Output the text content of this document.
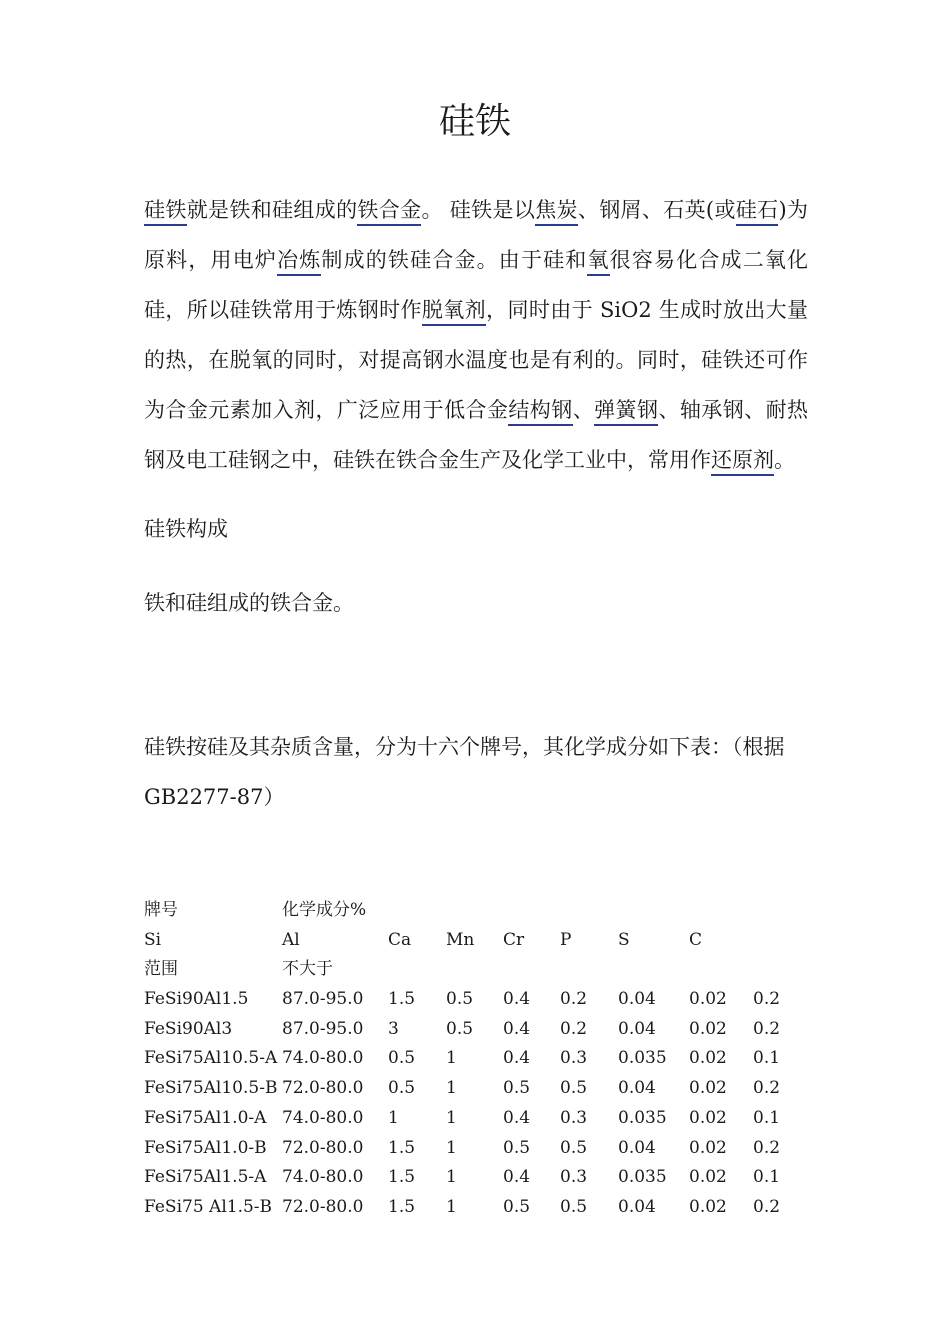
硅铁

硅铁就是铁和硅组成的铁合金。 硅铁是以焦炭、钢屑、石英(或硅石)为原料，用电炉冶炼制成的铁硅合金。由于硅和氧很容易化合成二氧化硅，所以硅铁常用于炼钢时作脱氧剂，同时由于 SiO2 生成时放出大量的热，在脱氧的同时，对提高钢水温度也是有利的。同时，硅铁还可作为合金元素加入剂，广泛应用于低合金结构钢、弹簧钢、轴承钢、耐热钢及电工硅钢之中，硅铁在铁合金生产及化学工业中，常用作还原剂。

硅铁构成

铁和硅组成的铁合金。

硅铁按硅及其杂质含量，分为十六个牌号，其化学成分如下表：（根据 GB2277-87）

牌号	化学成分%
Si	Al	Ca Mn Cr P	S	C
范围	不大于
FeSi90Al1.5 87.0-95.0 1.5 0.5 0.4 0.2 0.04 0.02 0.2
FeSi90Al3	87.0-95.0 3	0.5 0.4 0.2 0.04 0.02 0.2
FeSi75Al10.5-A 74.0-80.0 0.5 1	0.4 0.3 0.035 0.02 0.1
FeSi75Al10.5-B 72.0-80.0 0.5 1	0.5 0.5 0.04 0.02 0.2
FeSi75Al1.0-A 74.0-80.0 1	1	0.4 0.3 0.035 0.02 0.1
FeSi75Al1.0-B 72.0-80.0 1.5 1	0.5 0.5 0.04 0.02 0.2
FeSi75Al1.5-A 74.0-80.0 1.5 1	0.4 0.3 0.035 0.02 0.1
FeSi75 Al1.5-B 72.0-80.0 1.5 1	0.5 0.5 0.04 0.02 0.2
